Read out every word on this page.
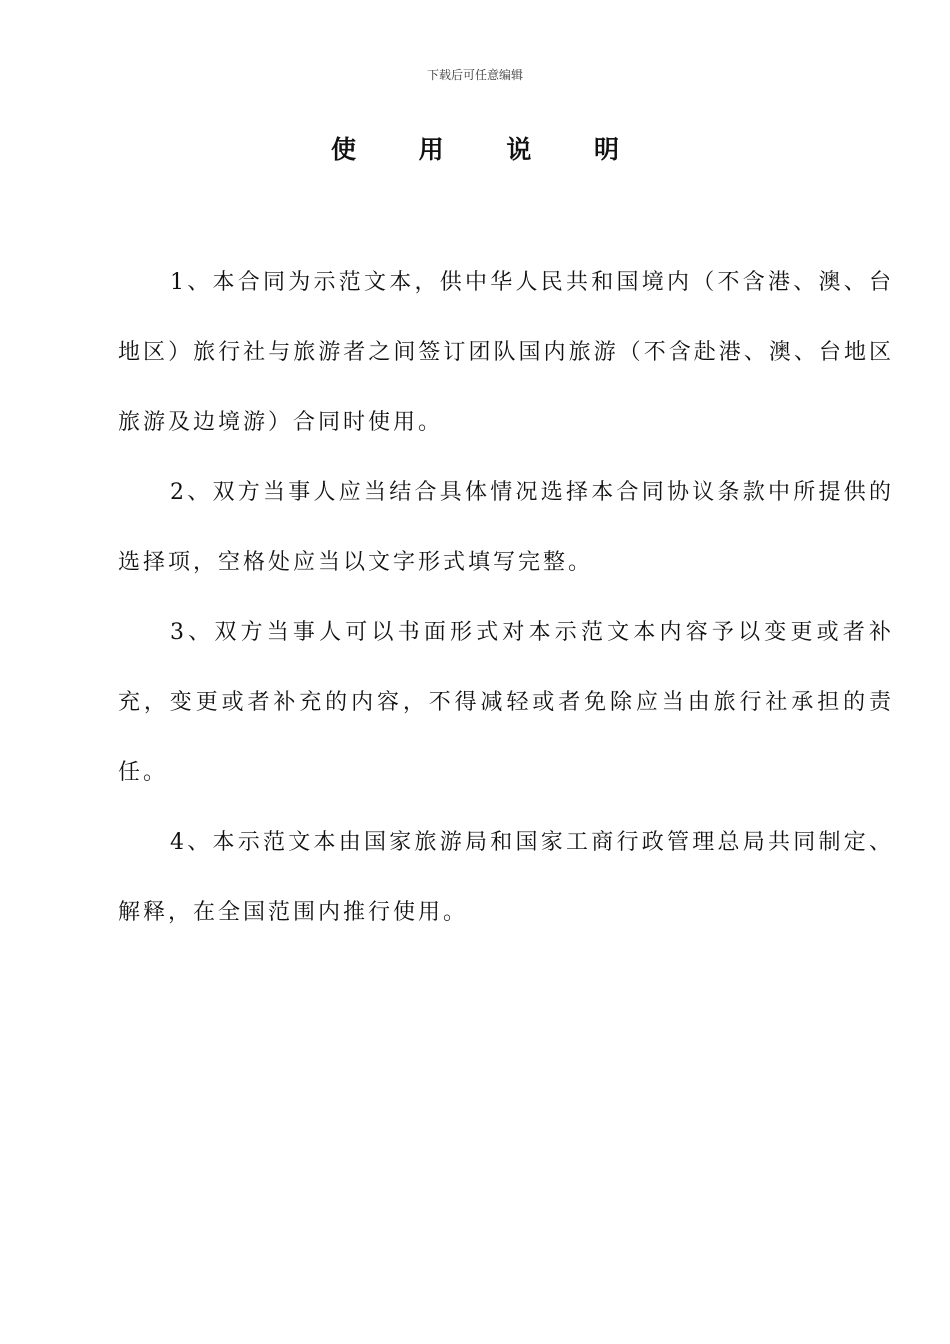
下载后可任意编辑
使 用 说 明

1、本合同为示范文本，供中华人民共和国境内（不含港、澳、台地区）旅行社与旅游者之间签订团队国内旅游（不含赴港、澳、台地区旅游及边境游）合同时使用。

2、双方当事人应当结合具体情况选择本合同协议条款中所提供的选择项，空格处应当以文字形式填写完整。

3、双方当事人可以书面形式对本示范文本内容予以变更或者补充，变更或者补充的内容，不得减轻或者免除应当由旅行社承担的责任。

4、本示范文本由国家旅游局和国家工商行政管理总局共同制定、解释，在全国范围内推行使用。
